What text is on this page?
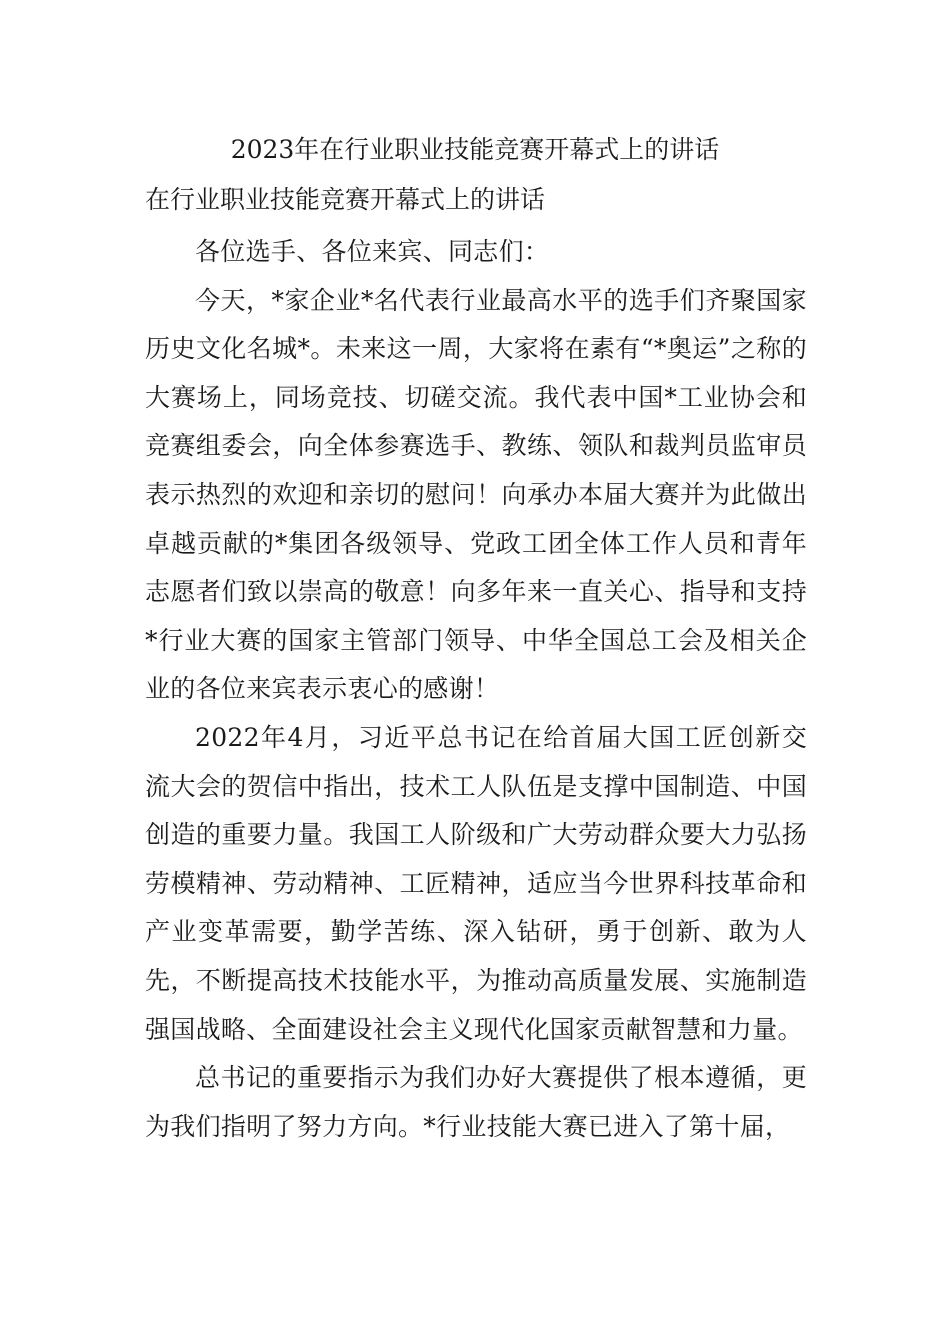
2023年在行业职业技能竞赛开幕式上的讲话
在行业职业技能竞赛开幕式上的讲话

各位选手、各位来宾、同志们：

今天，*家企业*名代表行业最高水平的选手们齐聚国家历史文化名城*。未来这一周，大家将在素有“*奥运”之称的大赛场上，同场竞技、切磋交流。我代表中国*工业协会和竞赛组委会，向全体参赛选手、教练、领队和裁判员监审员表示热烈的欢迎和亲切的慰问！向承办本届大赛并为此做出卓越贡献的*集团各级领导、党政工团全体工作人员和青年志愿者们致以崇高的敬意！向多年来一直关心、指导和支持*行业大赛的国家主管部门领导、中华全国总工会及相关企业的各位来宾表示衷心的感谢！

2022年4月，习近平总书记在给首届大国工匠创新交流大会的贺信中指出，技术工人队伍是支撑中国制造、中国创造的重要力量。我国工人阶级和广大劳动群众要大力弘扬劳模精神、劳动精神、工匠精神，适应当今世界科技革命和产业变革需要，勤学苦练、深入钻研，勇于创新、敢为人先，不断提高技术技能水平，为推动高质量发展、实施制造强国战略、全面建设社会主义现代化国家贡献智慧和力量。

总书记的重要指示为我们办好大赛提供了根本遵循，更为我们指明了努力方向。*行业技能大赛已进入了第十届，
